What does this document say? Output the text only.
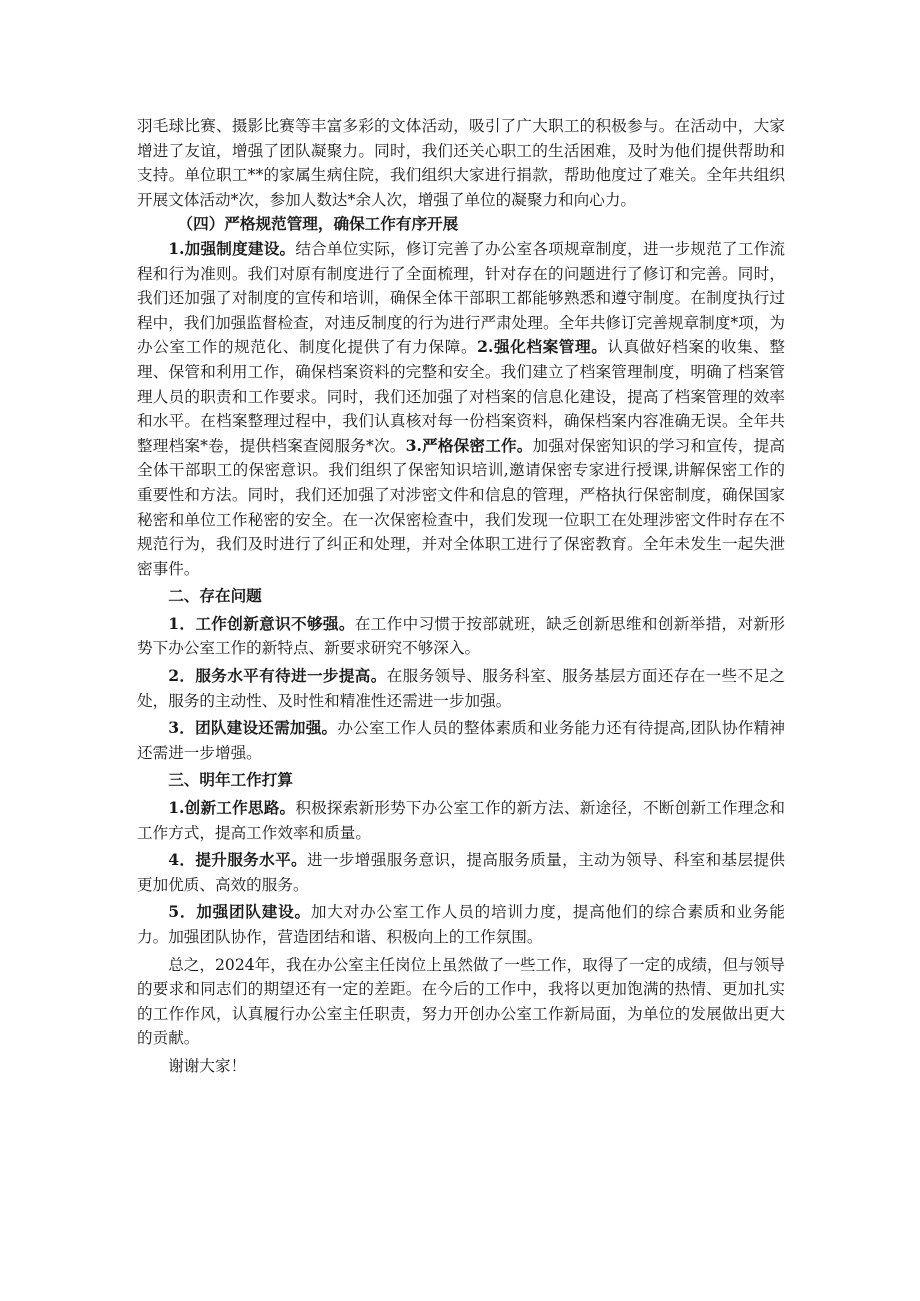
羽毛球比赛、摄影比赛等丰富多彩的文体活动，吸引了广大职工的积极参与。在活动中，大家增进了友谊，增强了团队凝聚力。同时，我们还关心职工的生活困难，及时为他们提供帮助和支持。单位职工**的家属生病住院，我们组织大家进行捐款，帮助他度过了难关。全年共组织开展文体活动*次，参加人数达*余人次，增强了单位的凝聚力和向心力。

（四）严格规范管理，确保工作有序开展

1.加强制度建设。结合单位实际，修订完善了办公室各项规章制度，进一步规范了工作流程和行为准则。我们对原有制度进行了全面梳理，针对存在的问题进行了修订和完善。同时，我们还加强了对制度的宣传和培训，确保全体干部职工都能够熟悉和遵守制度。在制度执行过程中，我们加强监督检查，对违反制度的行为进行严肃处理。全年共修订完善规章制度*项，为办公室工作的规范化、制度化提供了有力保障。2.强化档案管理。认真做好档案的收集、整理、保管和利用工作，确保档案资料的完整和安全。我们建立了档案管理制度，明确了档案管理人员的职责和工作要求。同时，我们还加强了对档案的信息化建设，提高了档案管理的效率和水平。在档案整理过程中，我们认真核对每一份档案资料，确保档案内容准确无误。全年共整理档案*卷，提供档案查阅服务*次。3.严格保密工作。加强对保密知识的学习和宣传，提高全体干部职工的保密意识。我们组织了保密知识培训,邀请保密专家进行授课,讲解保密工作的重要性和方法。同时，我们还加强了对涉密文件和信息的管理，严格执行保密制度，确保国家秘密和单位工作秘密的安全。在一次保密检查中，我们发现一位职工在处理涉密文件时存在不规范行为，我们及时进行了纠正和处理，并对全体职工进行了保密教育。全年未发生一起失泄密事件。

二、存在问题

1．工作创新意识不够强。在工作中习惯于按部就班，缺乏创新思维和创新举措，对新形势下办公室工作的新特点、新要求研究不够深入。

2．服务水平有待进一步提高。在服务领导、服务科室、服务基层方面还存在一些不足之处，服务的主动性、及时性和精准性还需进一步加强。

3．团队建设还需加强。办公室工作人员的整体素质和业务能力还有待提高,团队协作精神还需进一步增强。

三、明年工作打算

1.创新工作思路。积极探索新形势下办公室工作的新方法、新途径，不断创新工作理念和工作方式，提高工作效率和质量。

4．提升服务水平。进一步增强服务意识，提高服务质量，主动为领导、科室和基层提供更加优质、高效的服务。

5．加强团队建设。加大对办公室工作人员的培训力度，提高他们的综合素质和业务能力。加强团队协作，营造团结和谐、积极向上的工作氛围。

总之，2024年，我在办公室主任岗位上虽然做了一些工作，取得了一定的成绩，但与领导的要求和同志们的期望还有一定的差距。在今后的工作中，我将以更加饱满的热情、更加扎实的工作作风，认真履行办公室主任职责，努力开创办公室工作新局面，为单位的发展做出更大的贡献。

谢谢大家！
